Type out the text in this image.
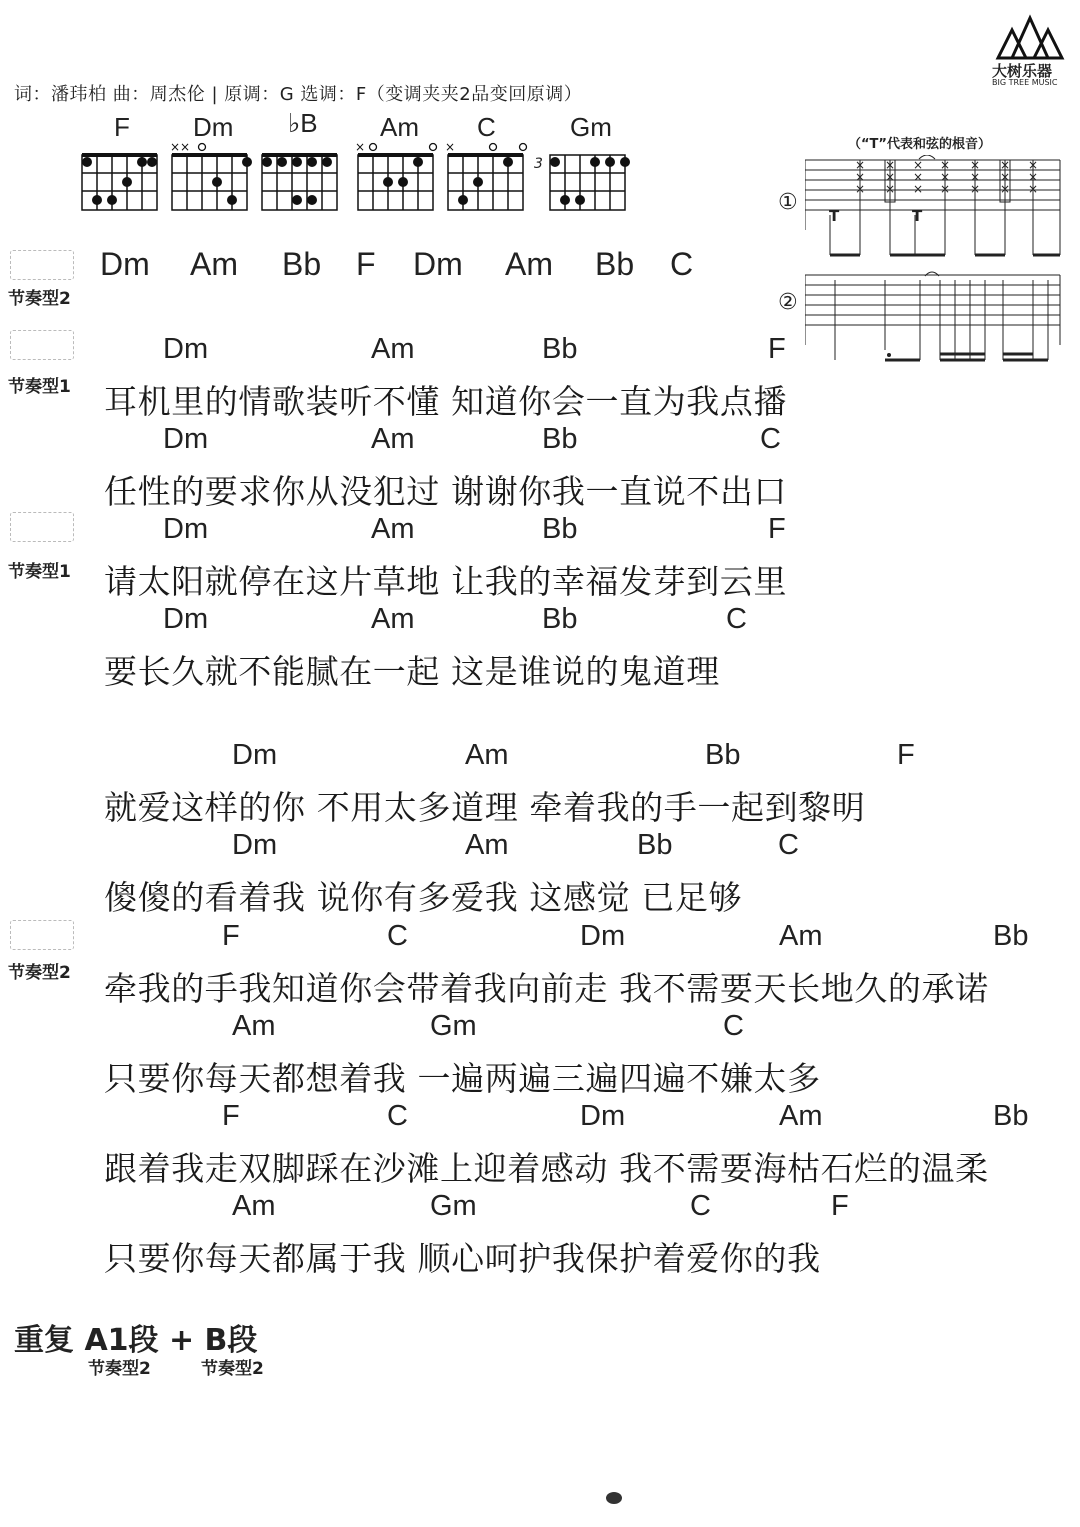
词：潘玮柏 曲：周杰伦 | 原调：G 选调：F（变调夹夹2品变回原调）
大树乐器
BIG TREE MUSIC
F Dm ♭B Am C	Gm
3
××	×	×	（“T”代表和弦的根音）
①
②
T	T
×
×
×
×
×
×
×
×
×
×
×
×
×
×
×
×
×
×
×
×
×
节奏型2
Dm Am Bb F Dm Am Bb C
节奏型1
节奏型1
节奏型2
Dm	Am	Bb	F
耳机里的情歌装听不懂 知道你会一直为我点播
Dm	Am	Bb	C
任性的要求你从没犯过 谢谢你我一直说不出口
Dm	Am	Bb	F
请太阳就停在这片草地 让我的幸福发芽到云里
Dm	Am	Bb	C
要长久就不能腻在一起 这是谁说的鬼道理
Dm	Am	Bb	F
就爱这样的你 不用太多道理 牵着我的手一起到黎明
Dm	Am	Bb	C
傻傻的看着我 说你有多爱我 这感觉 已足够
F	C	Dm	Am	Bb
牵我的手我知道你会带着我向前走 我不需要天长地久的承诺
Am	Gm	C
只要你每天都想着我 一遍两遍三遍四遍不嫌太多
F	C	Dm	Am	Bb
跟着我走双脚踩在沙滩上迎着感动 我不需要海枯石烂的温柔
Am	Gm	C	F
只要你每天都属于我 顺心呵护我保护着爱你的我
重复 A1段 + B段
节奏型2	节奏型2
